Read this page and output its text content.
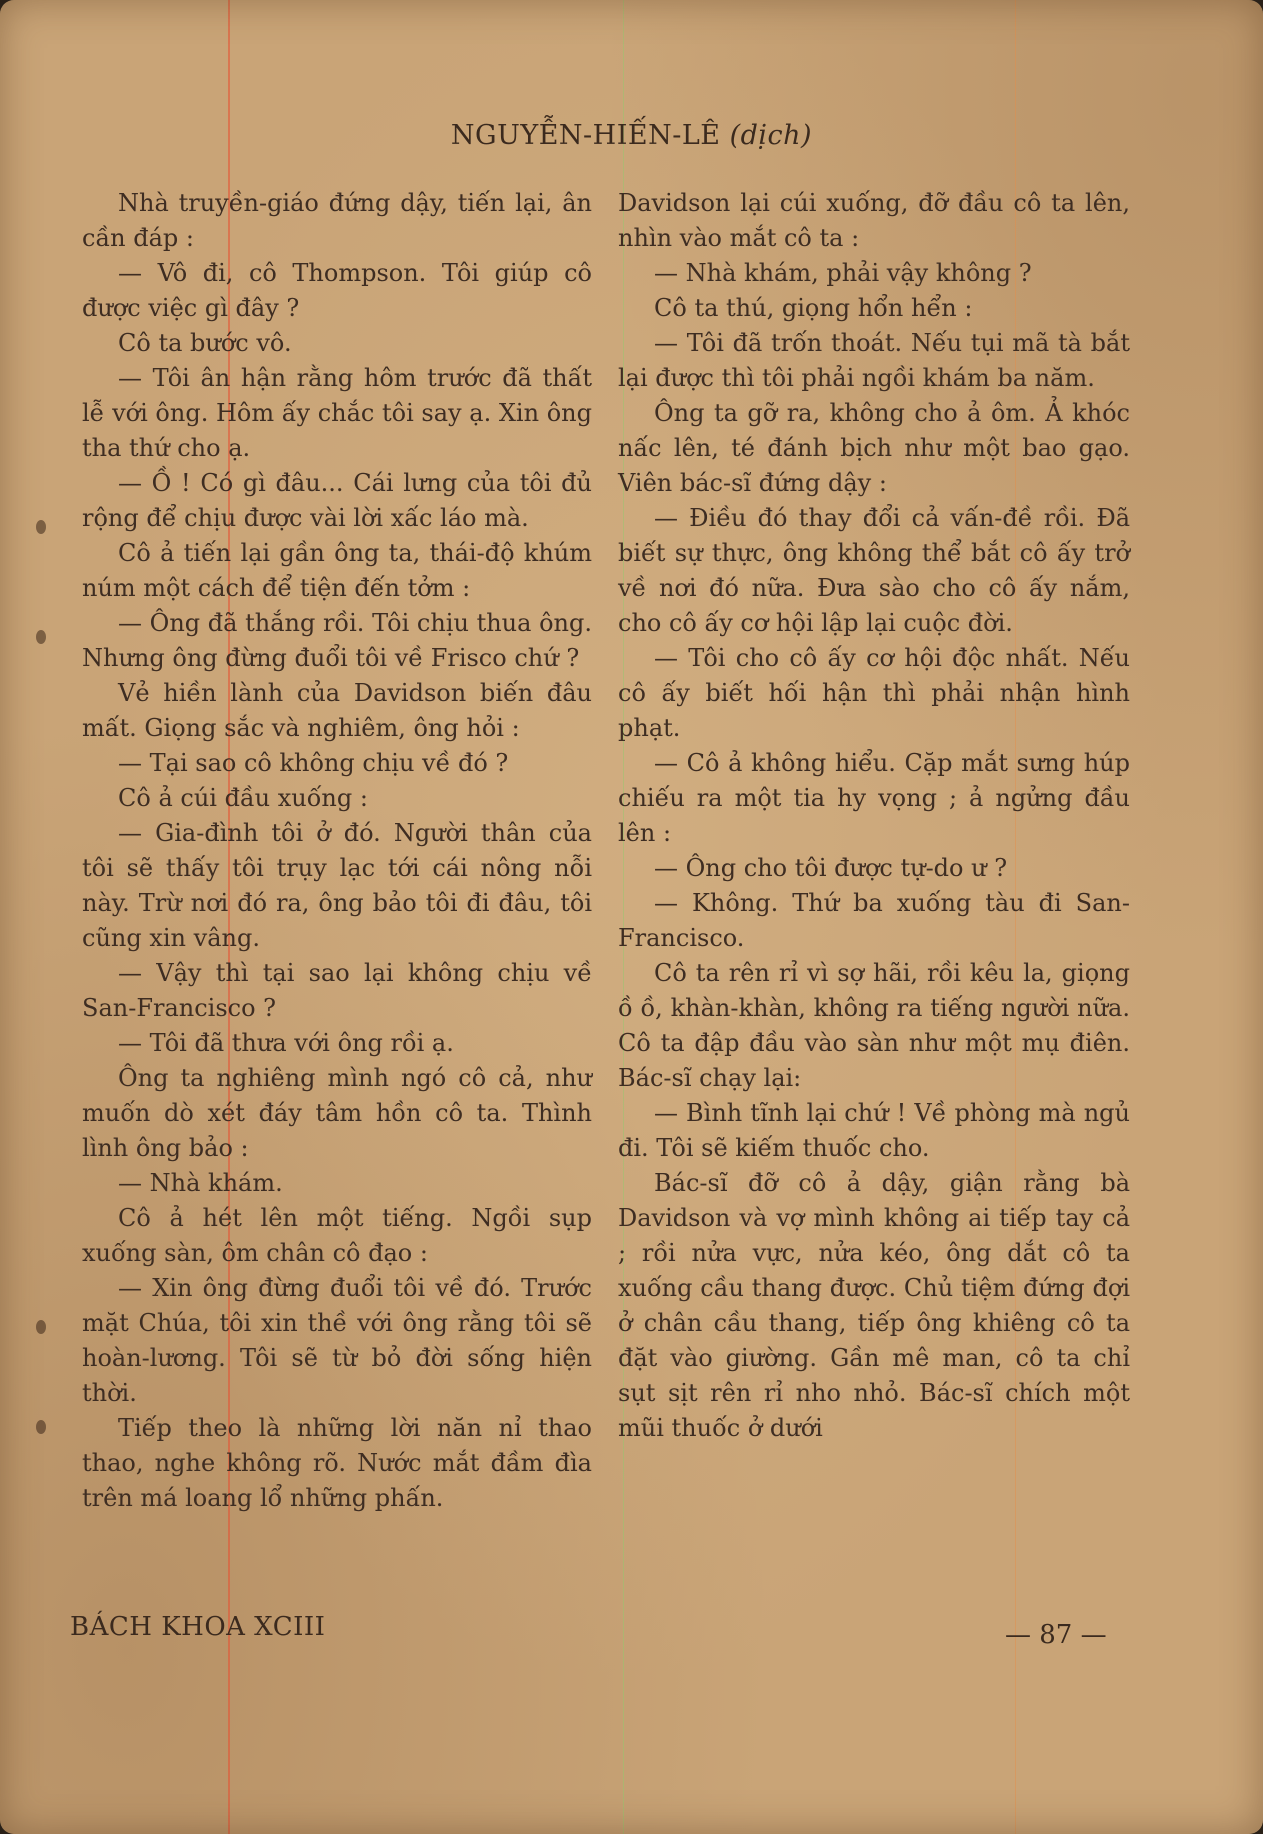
NGUYỄN-HIẾN-LÊ (dịch)

Nhà truyền-giáo đứng dậy, tiến lại, ân cần đáp :

— Vô đi, cô Thompson. Tôi giúp cô được việc gì đây ?

Cô ta bước vô.

— Tôi ân hận rằng hôm trước đã thất lễ với ông. Hôm ấy chắc tôi say ạ. Xin ông tha thứ cho ạ.

— Ồ ! Có gì đâu... Cái lưng của tôi đủ rộng để chịu được vài lời xấc láo mà.

Cô ả tiến lại gần ông ta, thái-độ khúm núm một cách để tiện đến tởm :

— Ông đã thắng rồi. Tôi chịu thua ông. Nhưng ông đừng đuổi tôi về Frisco chứ ?

Vẻ hiền lành của Davidson biến đâu mất. Giọng sắc và nghiêm, ông hỏi :

— Tại sao cô không chịu về đó ?

Cô ả cúi đầu xuống :

— Gia-đình tôi ở đó. Người thân của tôi sẽ thấy tôi trụy lạc tới cái nông nỗi này. Trừ nơi đó ra, ông bảo tôi đi đâu, tôi cũng xin vâng.

— Vậy thì tại sao lại không chịu về San-Francisco ?

— Tôi đã thưa với ông rồi ạ.

Ông ta nghiêng mình ngó cô cả, như muốn dò xét đáy tâm hồn cô ta. Thình lình ông bảo :

— Nhà khám.

Cô ả hét lên một tiếng. Ngồi sụp xuống sàn, ôm chân cô đạo :

— Xin ông đừng đuổi tôi về đó. Trước mặt Chúa, tôi xin thề với ông rằng tôi sẽ hoàn-lương. Tôi sẽ từ bỏ đời sống hiện thời.

Tiếp theo là những lời năn nỉ thao thao, nghe không rõ. Nước mắt đầm đìa trên má loang lổ những phấn.

Davidson lại cúi xuống, đỡ đầu cô ta lên, nhìn vào mắt cô ta :

— Nhà khám, phải vậy không ?

Cô ta thú, giọng hổn hển :

— Tôi đã trốn thoát. Nếu tụi mã tà bắt lại được thì tôi phải ngồi khám ba năm.

Ông ta gỡ ra, không cho ả ôm. Ả khóc nấc lên, té đánh bịch như một bao gạo. Viên bác-sĩ đứng dậy :

— Điều đó thay đổi cả vấn-đề rồi. Đã biết sự thực, ông không thể bắt cô ấy trở về nơi đó nữa. Đưa sào cho cô ấy nắm, cho cô ấy cơ hội lập lại cuộc đời.

— Tôi cho cô ấy cơ hội độc nhất. Nếu cô ấy biết hối hận thì phải nhận hình phạt.

— Cô ả không hiểu. Cặp mắt sưng húp chiếu ra một tia hy vọng ; ả ngửng đầu lên :

— Ông cho tôi được tự-do ư ?

— Không. Thứ ba xuống tàu đi San-Francisco.

Cô ta rên rỉ vì sợ hãi, rồi kêu la, giọng ồ ồ, khàn-khàn, không ra tiếng người nữa. Cô ta đập đầu vào sàn như một mụ điên. Bác-sĩ chạy lại:

— Bình tĩnh lại chứ ! Về phòng mà ngủ đi. Tôi sẽ kiếm thuốc cho.

Bác-sĩ đỡ cô ả dậy, giận rằng bà Davidson và vợ mình không ai tiếp tay cả ; rồi nửa vực, nửa kéo, ông dắt cô ta xuống cầu thang được. Chủ tiệm đứng đợi ở chân cầu thang, tiếp ông khiêng cô ta đặt vào giường. Gần mê man, cô ta chỉ sụt sịt rên rỉ nho nhỏ. Bác-sĩ chích một mũi thuốc ở dưới

BÁCH KHOA XCIII	— 87 —
